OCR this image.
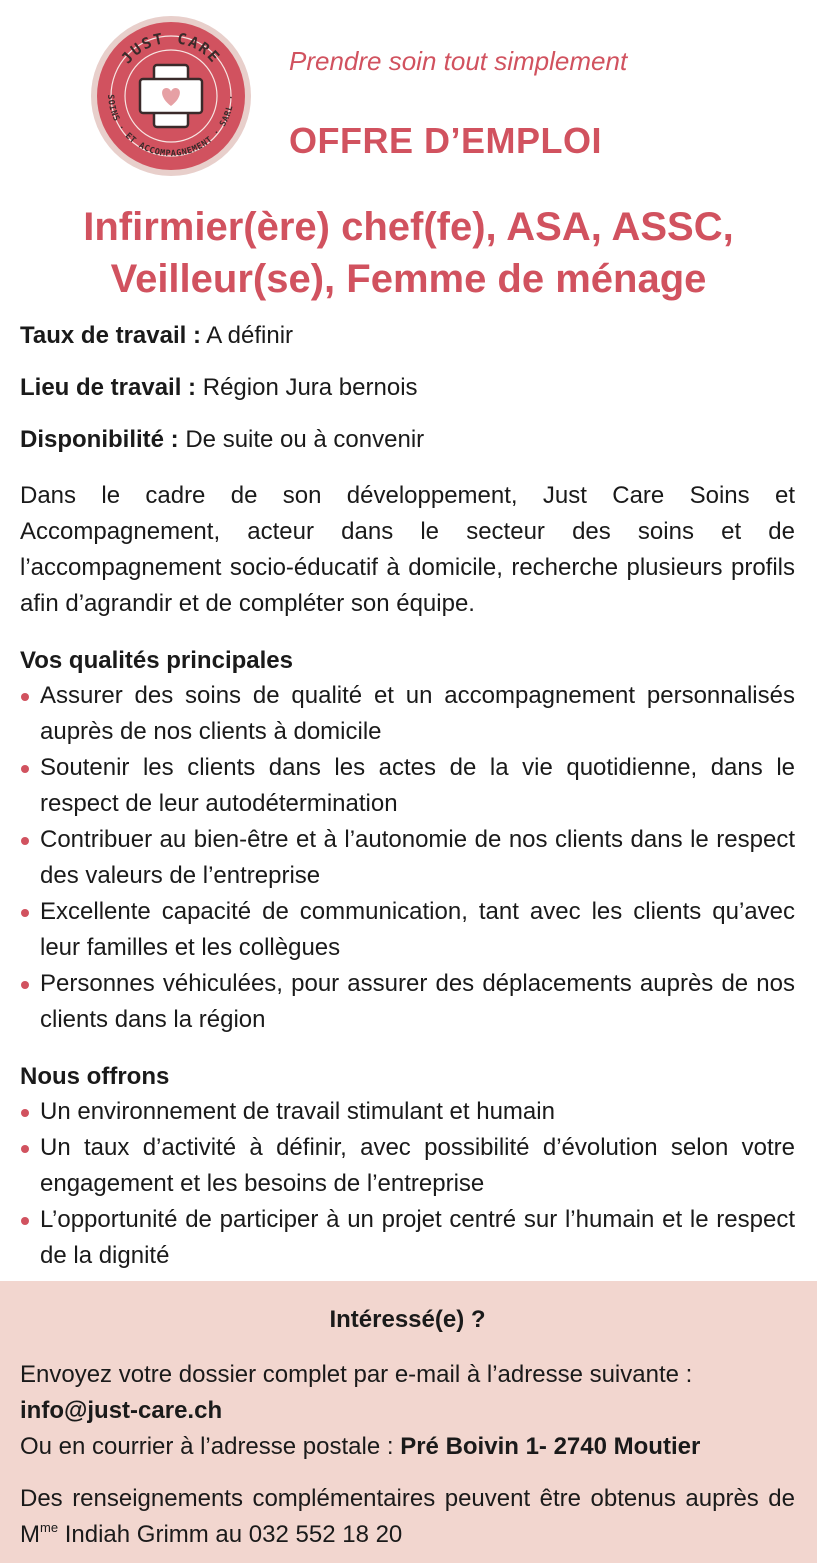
JUST CARE
SOINS · ET ACCOMPAGNEMENT · SARL ·
Prendre soin tout simplement
OFFRE D’EMPLOI
Infirmier(ère) chef(fe), ASA, ASSC,
Veilleur(se), Femme de ménage
Taux de travail : A définir
Lieu de travail : Région Jura bernois
Disponibilité : De suite ou à convenir
Dans le cadre de son développement, Just Care Soins et Accompagnement, acteur dans le secteur des soins et de l’accompagnement socio-éducatif à domicile, recherche plusieurs profils afin d’agrandir et de compléter son équipe.
Vos qualités principales
Assurer des soins de qualité et un accompagnement personnalisés auprès de nos clients à domicile
Soutenir les clients dans les actes de la vie quotidienne, dans le respect de leur autodétermination
Contribuer au bien-être et à l’autonomie de nos clients dans le respect des valeurs de l’entreprise
Excellente capacité de communication, tant avec les clients qu’avec leur familles et les collègues
Personnes véhiculées, pour assurer des déplacements auprès de nos clients dans la région
Nous offrons
Un environnement de travail stimulant et humain
Un taux d’activité à définir, avec possibilité d’évolution selon votre engagement et les besoins de l’entreprise
L’opportunité de participer à un projet centré sur l’humain et le respect de la dignité
Intéressé(e) ?

Envoyez votre dossier complet par e-mail à l’adresse suivante :

info@just-care.ch

Ou en courrier à l’adresse postale : Pré Boivin 1- 2740 Moutier

Des renseignements complémentaires peuvent être obtenus auprès de $M^{me}$ Indiah Grimm au 032 552 18 20
